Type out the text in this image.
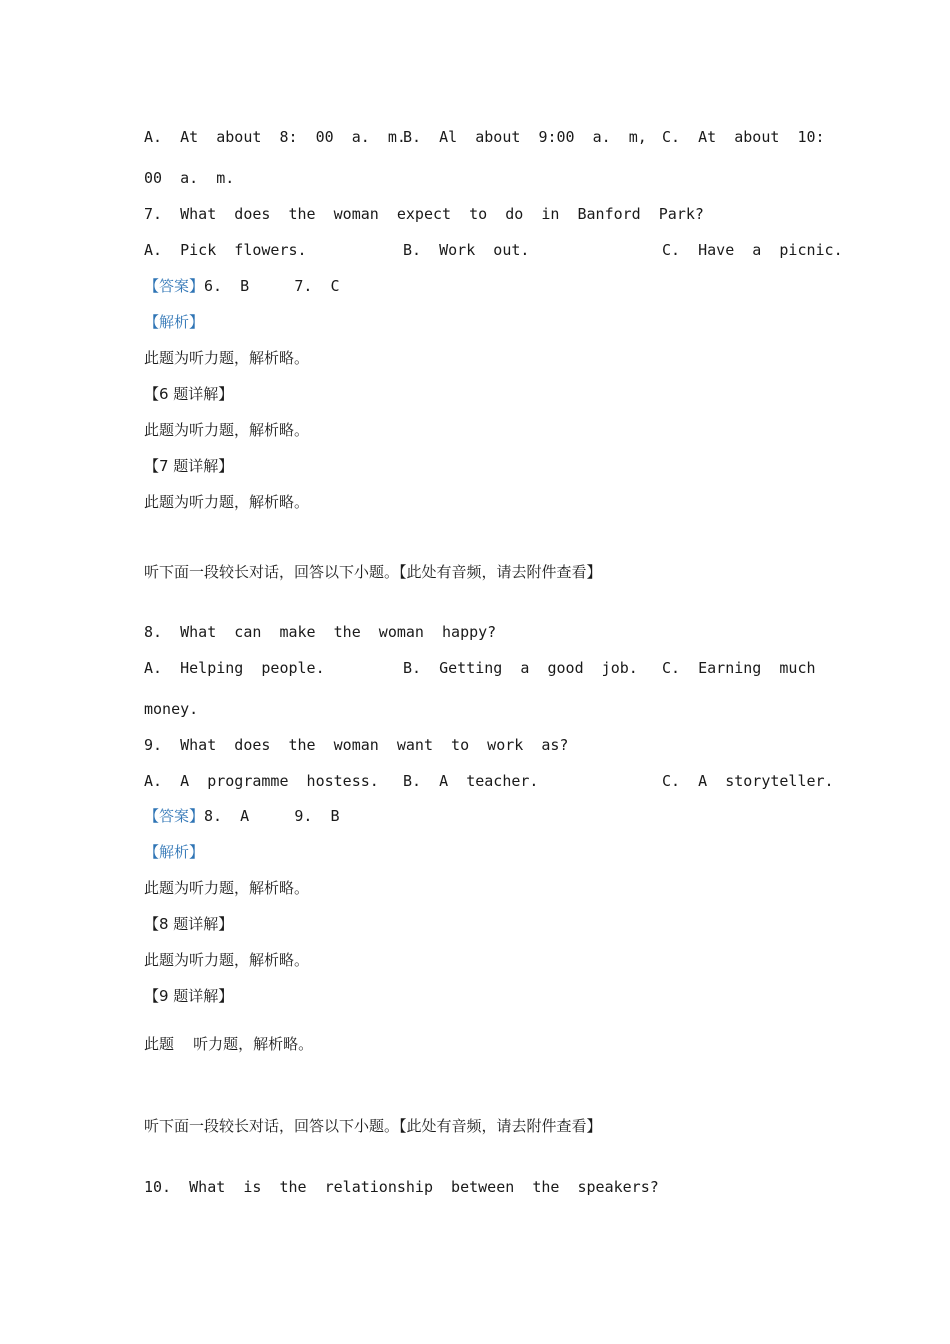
A.  At  about  8:  00  a.  m.
B.  Al  about  9:00  a.  m, C.  At  about  10:
00  a.  m.
7.  What  does  the  woman  expect  to  do  in  Banford  Park?
A.  Pick  flowers.	B.  Work  out.	C.  Have  a  picnic.
【答案】6.  B     7.  C
【解析】
此题为听力题，解析略。
【6 题详解】
此题为听力题，解析略。
【7 题详解】
此题为听力题，解析略。
听下面一段较长对话，回答以下小题。【此处有音频，请去附件查看】
8.  What  can  make  the  woman  happy?
A.  Helping  people.	B.  Getting  a  good  job. C.  Earning  much
money.
9.  What  does  the  woman  want  to  work  as?
A.  A  programme  hostess. B.  A  teacher.	C.  A  storyteller.
【答案】8.  A     9.  B
【解析】
此题为听力题，解析略。
【8 题详解】
此题为听力题，解析略。
【9 题详解】
此题    听力题，解析略。
听下面一段较长对话，回答以下小题。【此处有音频，请去附件查看】
10.  What  is  the  relationship  between  the  speakers?
